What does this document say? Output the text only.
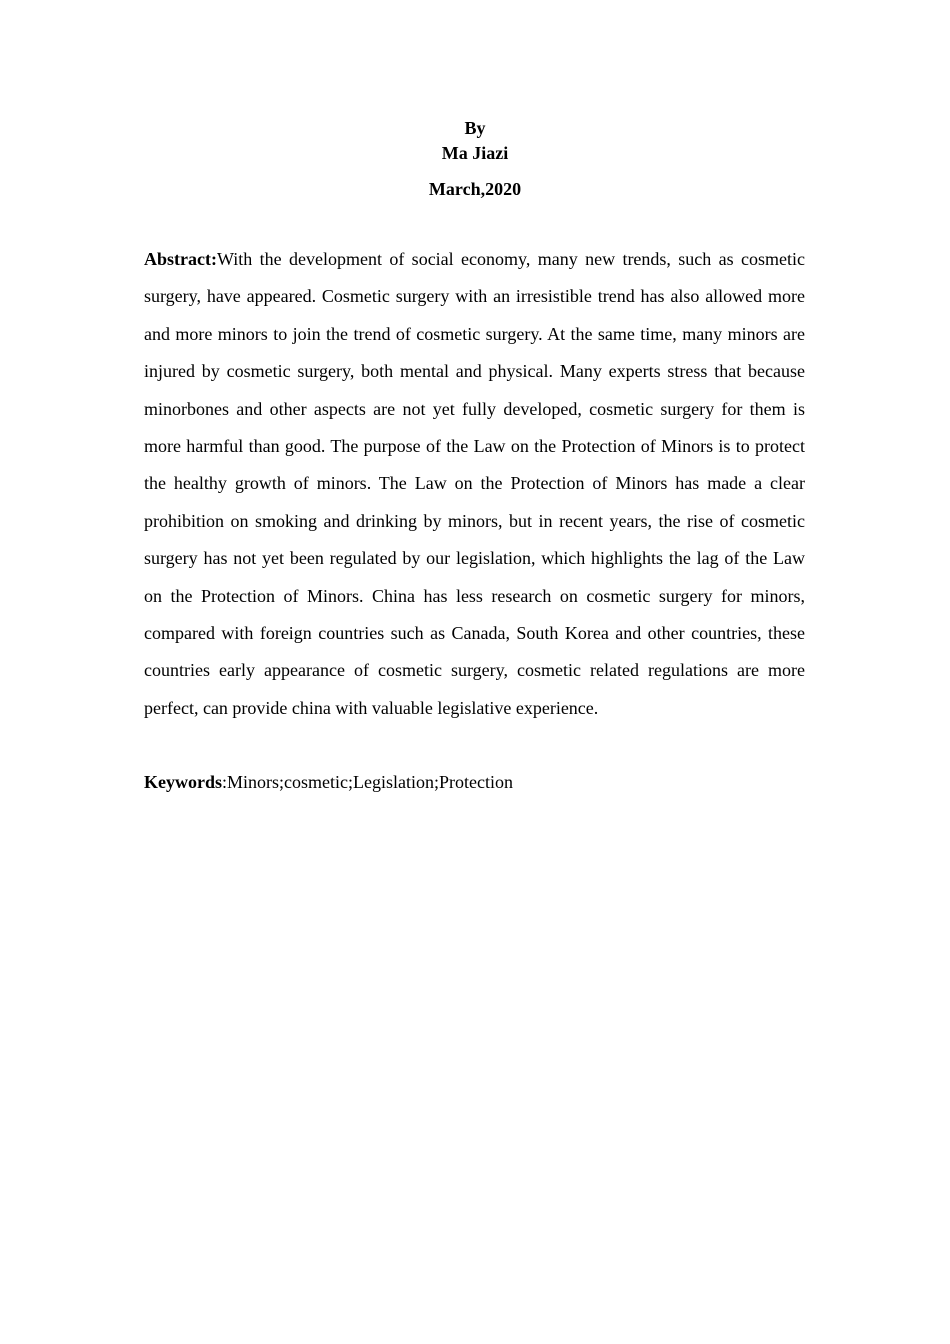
By
Ma Jiazi
March,2020

Abstract:With the development of social economy, many new trends, such as cosmetic surgery, have appeared. Cosmetic surgery with an irresistible trend has also allowed more and more minors to join the trend of cosmetic surgery. At the same time, many minors are injured by cosmetic surgery, both mental and physical. Many experts stress that because minorbones and other aspects are not yet fully developed, cosmetic surgery for them is more harmful than good. The purpose of the Law on the Protection of Minors is to protect the healthy growth of minors. The Law on the Protection of Minors has made a clear prohibition on smoking and drinking by minors, but in recent years, the rise of cosmetic surgery has not yet been regulated by our legislation, which highlights the lag of the Law on the Protection of Minors. China has less research on cosmetic surgery for minors, compared with foreign countries such as Canada, South Korea and other countries, these countries early appearance of cosmetic surgery, cosmetic related regulations are more perfect, can provide china with valuable legislative experience.

Keywords:Minors;cosmetic;Legislation;Protection
